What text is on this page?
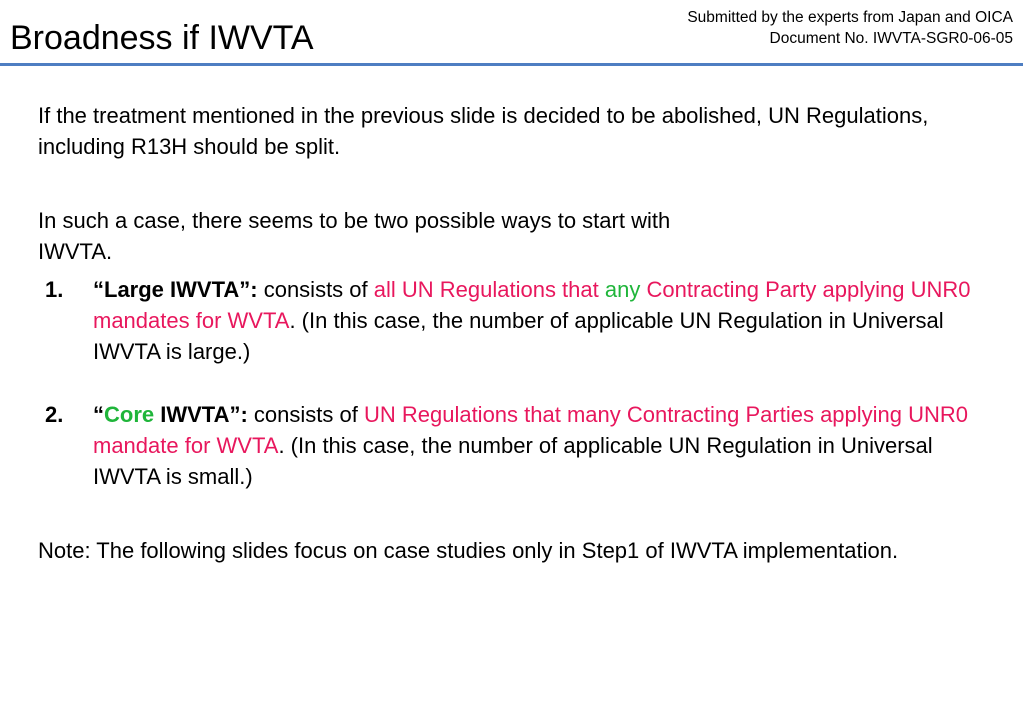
Broadness if IWVTA
Submitted by the experts from Japan and OICA
Document No. IWVTA-SGR0-06-05

If the treatment mentioned in the previous slide is decided to be abolished, UN Regulations, including R13H should be split.

In such a case, there seems to be two possible ways to start with
IWVTA.

1. “Large IWVTA”: consists of all UN Regulations that any Contracting Party applying UNR0 mandates for WVTA. (In this case, the number of applicable UN Regulation in Universal IWVTA is large.)
2. “Core IWVTA”: consists of UN Regulations that many Contracting Parties applying UNR0 mandate for WVTA. (In this case, the number of applicable UN Regulation in Universal IWVTA is small.)

Note: The following slides focus on case studies only in Step1 of IWVTA implementation.
